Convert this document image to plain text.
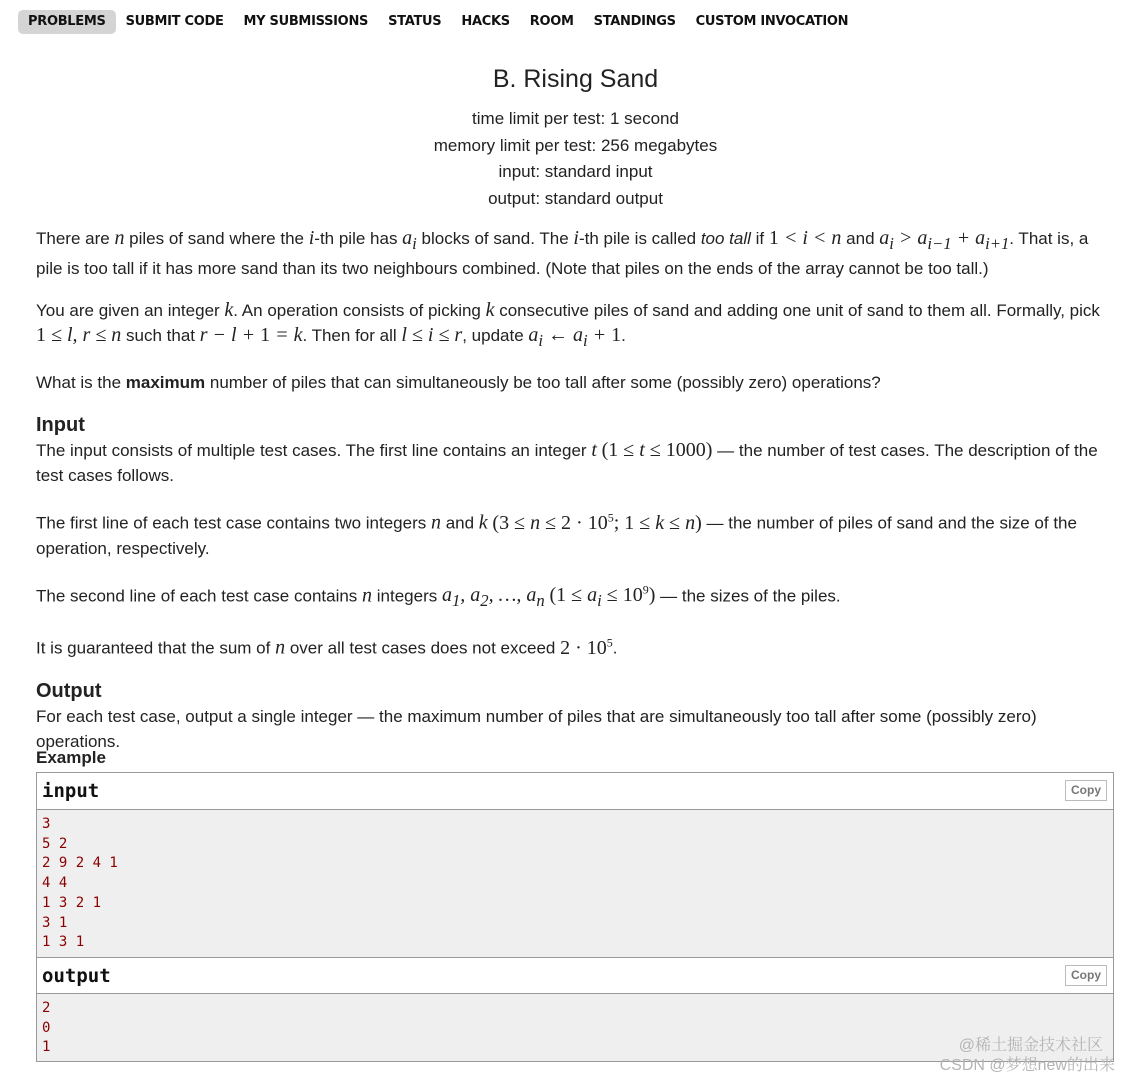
PROBLEMS	SUBMIT CODE	MY SUBMISSIONS	STATUS	HACKS	ROOM	STANDINGS	CUSTOM INVOCATION
B. Rising Sand
time limit per test: 1 second
memory limit per test: 256 megabytes
input: standard input
output: standard output

There are n piles of sand where the i-th pile has $a_i$ blocks of sand. The i-th pile is called too tall if 1 < i < n and $a_i > a_{i-1} + a_{i+1}$. That is, a pile is too tall if it has more sand than its two neighbours combined. (Note that piles on the ends of the array cannot be too tall.)

You are given an integer k. An operation consists of picking k consecutive piles of sand and adding one unit of sand to them all. Formally, pick 1 ≤ l, r ≤ n such that r − l + 1 = k. Then for all l ≤ i ≤ r, update $a_i$ ← $a_i + 1$.

What is the maximum number of piles that can simultaneously be too tall after some (possibly zero) operations?

Input

The input consists of multiple test cases. The first line contains an integer t (1 ≤ t ≤ 1000) — the number of test cases. The description of the test cases follows.

The first line of each test case contains two integers n and k ($3 \le n \le 2 \cdot 10^5$; 1 ≤ k ≤ n) — the number of piles of sand and the size of the operation, respectively.

The second line of each test case contains n integers $a_1$, $a_2$, …, $a_n$ $(1 \le a_i \le 10^9)$ — the sizes of the piles.

It is guaranteed that the sum of n over all test cases does not exceed $2 \cdot 10^5$.

Output

For each test case, output a single integer — the maximum number of piles that are simultaneously too tall after some (possibly zero) operations.

Example
input	Copy
3
5 2
2 9 2 4 1
4 4
1 3 2 1
3 1
1 3 1
output	Copy
2
0
1	@稀土掘金技术社区
CSDN @梦想new的出来
